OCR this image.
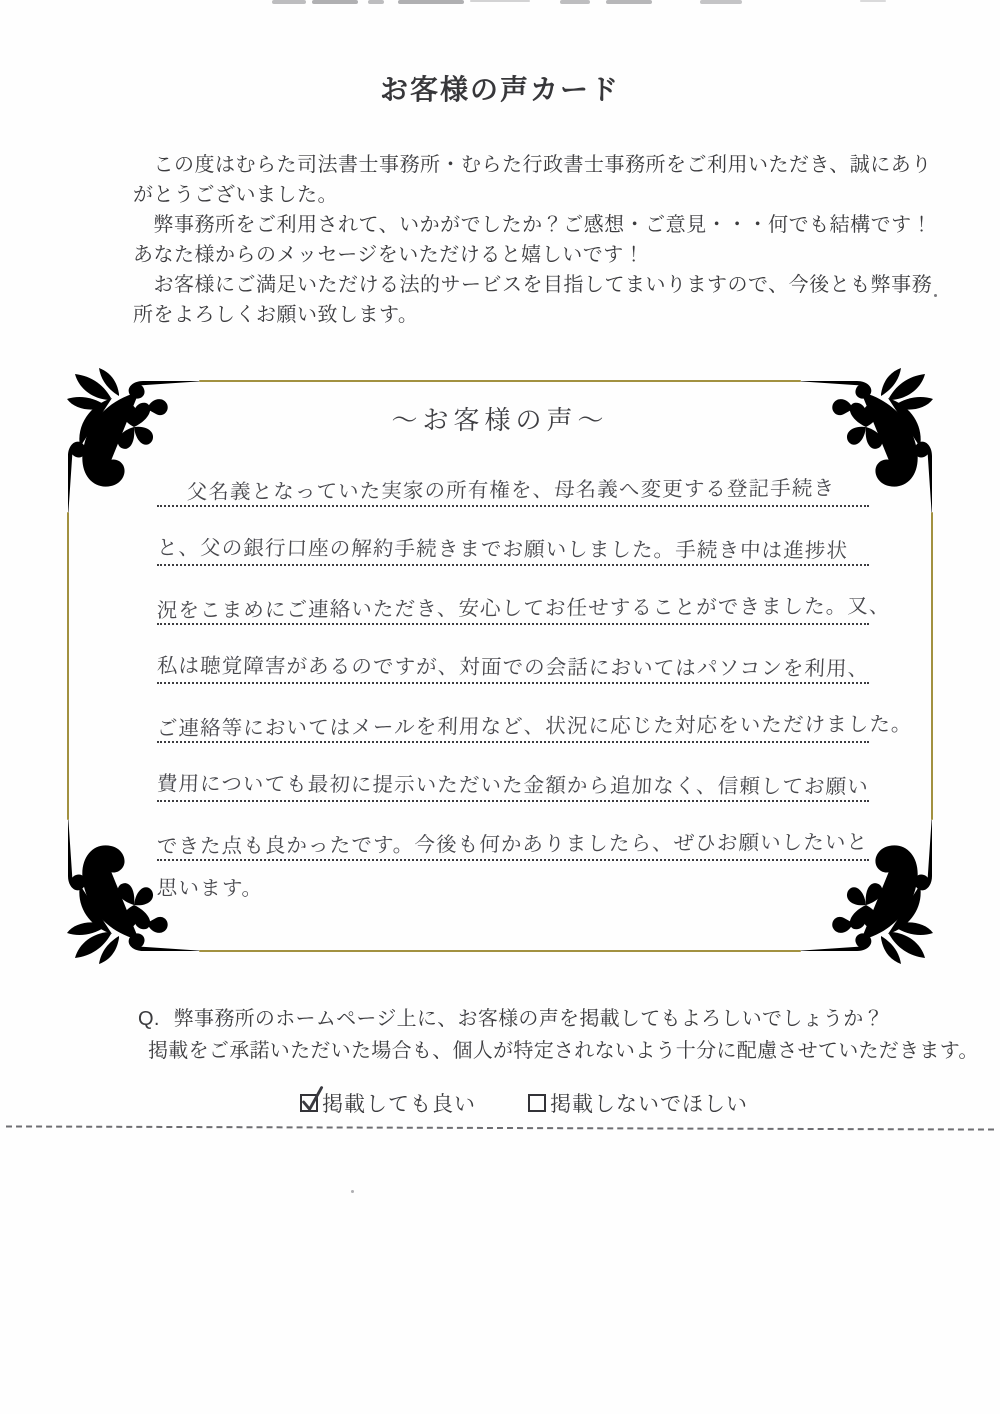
お客様の声カード
　この度はむらた司法書士事務所・むらた行政書士事務所をご利用いただき、誠にあり
がとうございました。
　弊事務所をご利用されて、いかがでしたか？ご感想・ご意見・・・何でも結構です！
あなた様からのメッセージをいただけると嬉しいです！
　お客様にご満足いただける法的サービスを目指してまいりますので、今後とも弊事務
所をよろしくお願い致します。
〜お客様の声〜
父名義となっていた実家の所有権を、母名義へ変更する登記手続き
と、父の銀行口座の解約手続きまでお願いしました。手続き中は進捗状
況をこまめにご連絡いただき、安心してお任せすることができました。又、
私は聴覚障害があるのですが、対面での会話においてはパソコンを利用、
ご連絡等においてはメールを利用など、状況に応じた対応をいただけました。
費用についても最初に提示いただいた金額から追加なく、信頼してお願い
できた点も良かったです。今後も何かありましたら、ぜひお願いしたいと
思います。
Q. 弊事務所のホームページ上に、お客様の声を掲載してもよろしいでしょうか？
掲載をご承諾いただいた場合も、個人が特定されないよう十分に配慮させていただきます。
掲載しても良い	掲載しないでほしい
